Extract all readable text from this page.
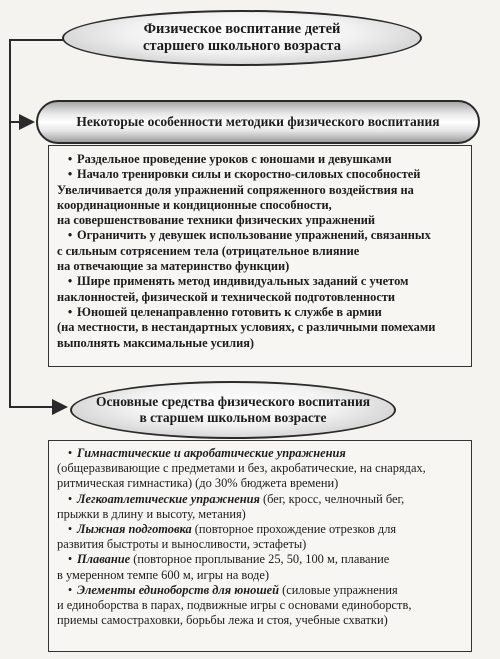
Физическое воспитание детей
старшего школьного возраста
Некоторые особенности методики физического воспитания
• Раздельное проведение уроков с юношами и девушками
• Начало тренировки силы и скоростно-силовых способностей
Увеличивается доля упражнений сопряженного воздействия на
координационные и кондиционные способности,
на совершенствование техники физических упражнений
• Ограничить у девушек использование упражнений, связанных
с сильным сотрясением тела (отрицательное влияние
на отвечающие за материнство функции)
• Шире применять метод индивидуальных заданий с учетом
наклонностей, физической и технической подготовленности
• Юношей целенаправленно готовить к службе в армии
(на местности, в нестандартных условиях, с различными помехами
выполнять максимальные усилия)
Основные средства физического воспитания
в старшем школьном возрасте
• Гимнастические и акробатические упражнения
(общеразвивающие с предметами и без, акробатические, на снарядах,
ритмическая гимнастика) (до 30% бюджета времени)
• Легкоатлетические упражнения (бег, кросс, челночный бег,
прыжки в длину и высоту, метания)
• Лыжная подготовка (повторное прохождение отрезков для
развития быстроты и выносливости, эстафеты)
• Плавание (повторное проплывание 25, 50, 100 м, плавание
в умеренном темпе 600 м, игры на воде)
• Элементы единоборств для юношей (силовые упражнения
и единоборства в парах, подвижные игры с основами единоборств,
приемы самостраховки, борьбы лежа и стоя, учебные схватки)
